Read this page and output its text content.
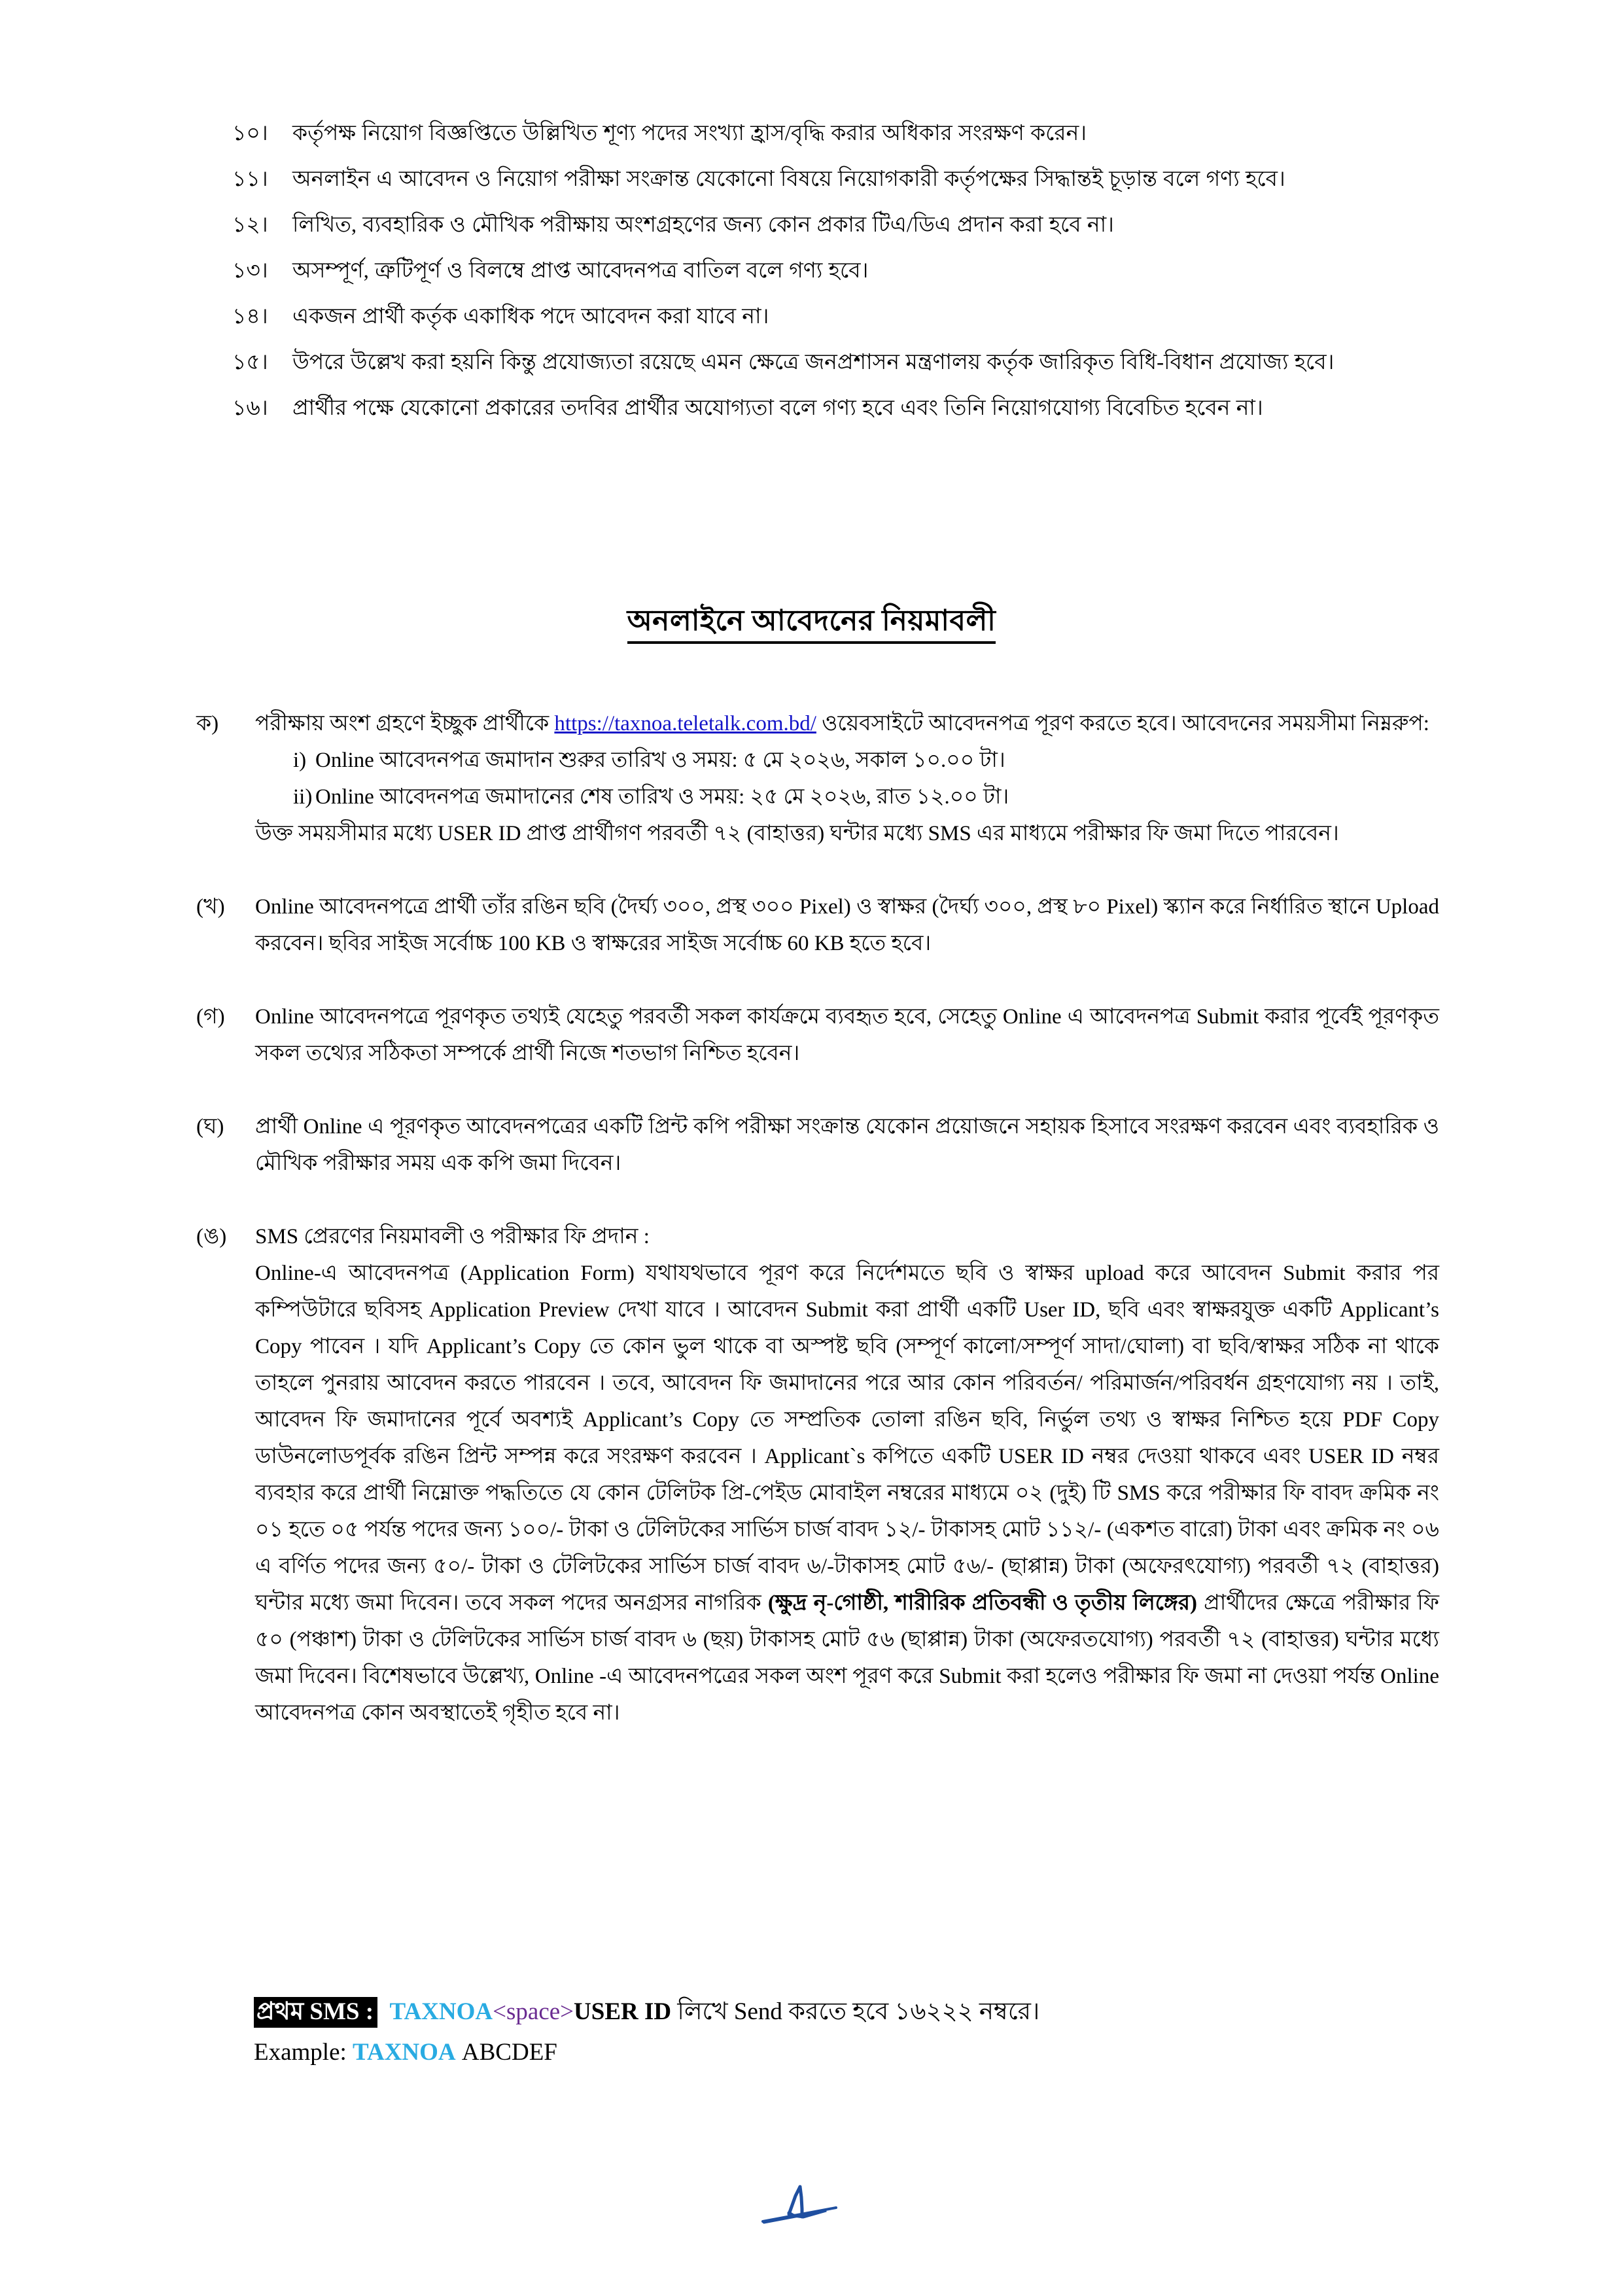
১০।	কর্তৃপক্ষ নিয়োগ বিজ্ঞপ্তিতে উল্লিখিত শূণ্য পদের সংখ্যা হ্রাস/বৃদ্ধি করার অধিকার সংরক্ষণ করেন।
১১।	অনলাইন এ আবেদন ও নিয়োগ পরীক্ষা সংক্রান্ত যেকোনো বিষয়ে নিয়োগকারী কর্তৃপক্ষের সিদ্ধান্তই চূড়ান্ত বলে গণ্য হবে।
১২।	লিখিত, ব্যবহারিক ও মৌখিক পরীক্ষায় অংশগ্রহণের জন্য কোন প্রকার টিএ/ডিএ প্রদান করা হবে না।
১৩।	অসম্পূর্ণ, ত্রুটিপূর্ণ ও বিলম্বে প্রাপ্ত আবেদনপত্র বাতিল বলে গণ্য হবে।
১৪।	একজন প্রার্থী কর্তৃক একাধিক পদে আবেদন করা যাবে না।
১৫।	উপরে উল্লেখ করা হয়নি কিন্তু প্রযোজ্যতা রয়েছে এমন ক্ষেত্রে জনপ্রশাসন মন্ত্রণালয় কর্তৃক জারিকৃত বিধি-বিধান প্রযোজ্য হবে।
১৬।	প্রার্থীর পক্ষে যেকোনো প্রকারের তদবির প্রার্থীর অযোগ্যতা বলে গণ্য হবে এবং তিনি নিয়োগযোগ্য বিবেচিত হবেন না।
অনলাইনে আবেদনের নিয়মাবলী
ক)	পরীক্ষায় অংশ গ্রহণে ইচ্ছুক প্রার্থীকে https://taxnoa.teletalk.com.bd/ ওয়েবসাইটে আবেদনপত্র পূরণ করতে হবে। আবেদনের সময়সীমা নিম্নরুপ:

i) Online আবেদনপত্র জমাদান শুরুর তারিখ ও সময়: ৫ মে ২০২৬, সকাল ১০.০০ টা।
ii) Online আবেদনপত্র জমাদানের শেষ তারিখ ও সময়: ২৫ মে ২০২৬, রাত ১২.০০ টা।

উক্ত সময়সীমার মধ্যে USER ID প্রাপ্ত প্রার্থীগণ পরবর্তী ৭২ (বাহাত্তর) ঘন্টার মধ্যে SMS এর মাধ্যমে পরীক্ষার ফি জমা দিতে পারবেন।

(খ)	Online আবেদনপত্রে প্রার্থী তাঁর রঙিন ছবি (দৈর্ঘ্য ৩০০, প্রস্থ ৩০০ Pixel) ও স্বাক্ষর (দৈর্ঘ্য ৩০০, প্রস্থ ৮০ Pixel) স্ক্যান করে নির্ধারিত স্থানে Upload করবেন। ছবির সাইজ সর্বোচ্চ 100 KB ও স্বাক্ষরের সাইজ সর্বোচ্চ 60 KB হতে হবে।

(গ)	Online আবেদনপত্রে পূরণকৃত তথ্যই যেহেতু পরবর্তী সকল কার্যক্রমে ব্যবহৃত হবে, সেহেতু Online এ আবেদনপত্র Submit করার পূর্বেই পূরণকৃত সকল তথ্যের সঠিকতা সম্পর্কে প্রার্থী নিজে শতভাগ নিশ্চিত হবেন।

(ঘ)	প্রার্থী Online এ পূরণকৃত আবেদনপত্রের একটি প্রিন্ট কপি পরীক্ষা সংক্রান্ত যেকোন প্রয়োজনে সহায়ক হিসাবে সংরক্ষণ করবেন এবং ব্যবহারিক ও মৌখিক পরীক্ষার সময় এক কপি জমা দিবেন।

(ঙ)	SMS প্রেরণের নিয়মাবলী ও পরীক্ষার ফি প্রদান :

Online-এ আবেদনপত্র (Application Form) যথাযথভাবে পূরণ করে নির্দেশমতে ছবি ও স্বাক্ষর upload করে আবেদন Submit করার পর কম্পিউটারে ছবিসহ Application Preview দেখা যাবে । আবেদন Submit করা প্রার্থী একটি User ID, ছবি এবং স্বাক্ষরযুক্ত একটি Applicant’s Copy পাবেন । যদি Applicant’s Copy তে কোন ভুল থাকে বা অস্পষ্ট ছবি (সম্পূর্ণ কালো/সম্পূর্ণ সাদা/ঘোলা) বা ছবি/স্বাক্ষর সঠিক না থাকে তাহলে পুনরায় আবেদন করতে পারবেন । তবে, আবেদন ফি জমাদানের পরে আর কোন পরিবর্তন/ পরিমার্জন/পরিবর্ধন গ্রহণযোগ্য নয় । তাই, আবেদন ফি জমাদানের পূর্বে অবশ্যই Applicant’s Copy তে সম্প্রতিক তোলা রঙিন ছবি, নির্ভুল তথ্য ও স্বাক্ষর নিশ্চিত হয়ে PDF Copy ডাউনলোডপূর্বক রঙিন প্রিন্ট সম্পন্ন করে সংরক্ষণ করবেন । Applicant`s কপিতে একটি USER ID নম্বর দেওয়া থাকবে এবং USER ID নম্বর ব্যবহার করে প্রার্থী নিম্নোক্ত পদ্ধতিতে যে কোন টেলিটক প্রি-পেইড মোবাইল নম্বরের মাধ্যমে ০২ (দুই) টি SMS করে পরীক্ষার ফি বাবদ ক্রমিক নং ০১ হতে ০৫ পর্যন্ত পদের জন্য ১০০/- টাকা ও টেলিটকের সার্ভিস চার্জ বাবদ ১২/- টাকাসহ মোট ১১২/- (একশত বারো) টাকা এবং ক্রমিক নং ০৬ এ বর্ণিত পদের জন্য ৫০/- টাকা ও টেলিটকের সার্ভিস চার্জ বাবদ ৬/-টাকাসহ মোট ৫৬/- (ছাপ্পান্ন) টাকা (অফেরৎযোগ্য) পরবর্তী ৭২ (বাহাত্তর) ঘন্টার মধ্যে জমা দিবেন। তবে সকল পদের অনগ্রসর নাগরিক (ক্ষুদ্র নৃ-গোষ্ঠী, শারীরিক প্রতিবন্ধী ও তৃতীয় লিঙ্গের) প্রার্থীদের ক্ষেত্রে পরীক্ষার ফি ৫০ (পঞ্চাশ) টাকা ও টেলিটকের সার্ভিস চার্জ বাবদ ৬ (ছয়) টাকাসহ মোট ৫৬ (ছাপ্পান্ন) টাকা (অফেরতযোগ্য) পরবর্তী ৭২ (বাহাত্তর) ঘন্টার মধ্যে জমা দিবেন। বিশেষভাবে উল্লেখ্য, Online -এ আবেদনপত্রের সকল অংশ পূরণ করে Submit করা হলেও পরীক্ষার ফি জমা না দেওয়া পর্যন্ত Online আবেদনপত্র কোন অবস্থাতেই গৃহীত হবে না।

প্রথম SMS : TAXNOA<space>USER ID লিখে Send করতে হবে ১৬২২২ নম্বরে।
Example: TAXNOA ABCDEF
